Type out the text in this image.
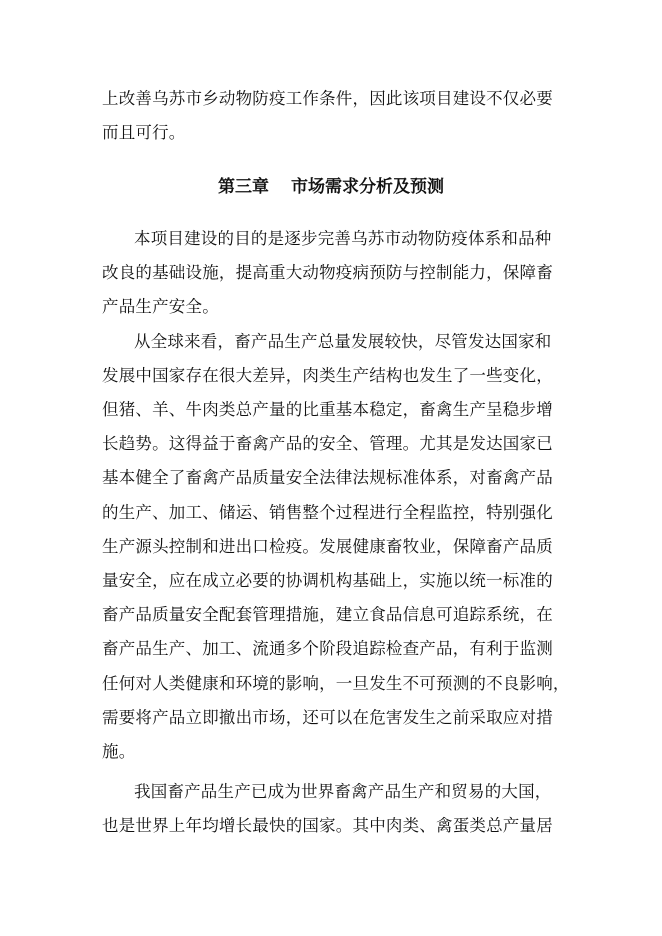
上改善乌苏市乡动物防疫工作条件，因此该项目建设不仅必要
而且可行。
第三章 市场需求分析及预测
本项目建设的目的是逐步完善乌苏市动物防疫体系和品种
改良的基础设施，提高重大动物疫病预防与控制能力，保障畜
产品生产安全。
从全球来看，畜产品生产总量发展较快，尽管发达国家和
发展中国家存在很大差异，肉类生产结构也发生了一些变化，
但猪、羊、牛肉类总产量的比重基本稳定，畜禽生产呈稳步增
长趋势。这得益于畜禽产品的安全、管理。尤其是发达国家已
基本健全了畜禽产品质量安全法律法规标准体系，对畜禽产品
的生产、加工、储运、销售整个过程进行全程监控，特别强化
生产源头控制和进出口检疫。发展健康畜牧业，保障畜产品质
量安全，应在成立必要的协调机构基础上，实施以统一标准的
畜产品质量安全配套管理措施，建立食品信息可追踪系统，在
畜产品生产、加工、流通多个阶段追踪检查产品，有利于监测
任何对人类健康和环境的影响，一旦发生不可预测的不良影响，
需要将产品立即撤出市场，还可以在危害发生之前采取应对措
施。
我国畜产品生产已成为世界畜禽产品生产和贸易的大国，
也是世界上年均增长最快的国家。其中肉类、禽蛋类总产量居
